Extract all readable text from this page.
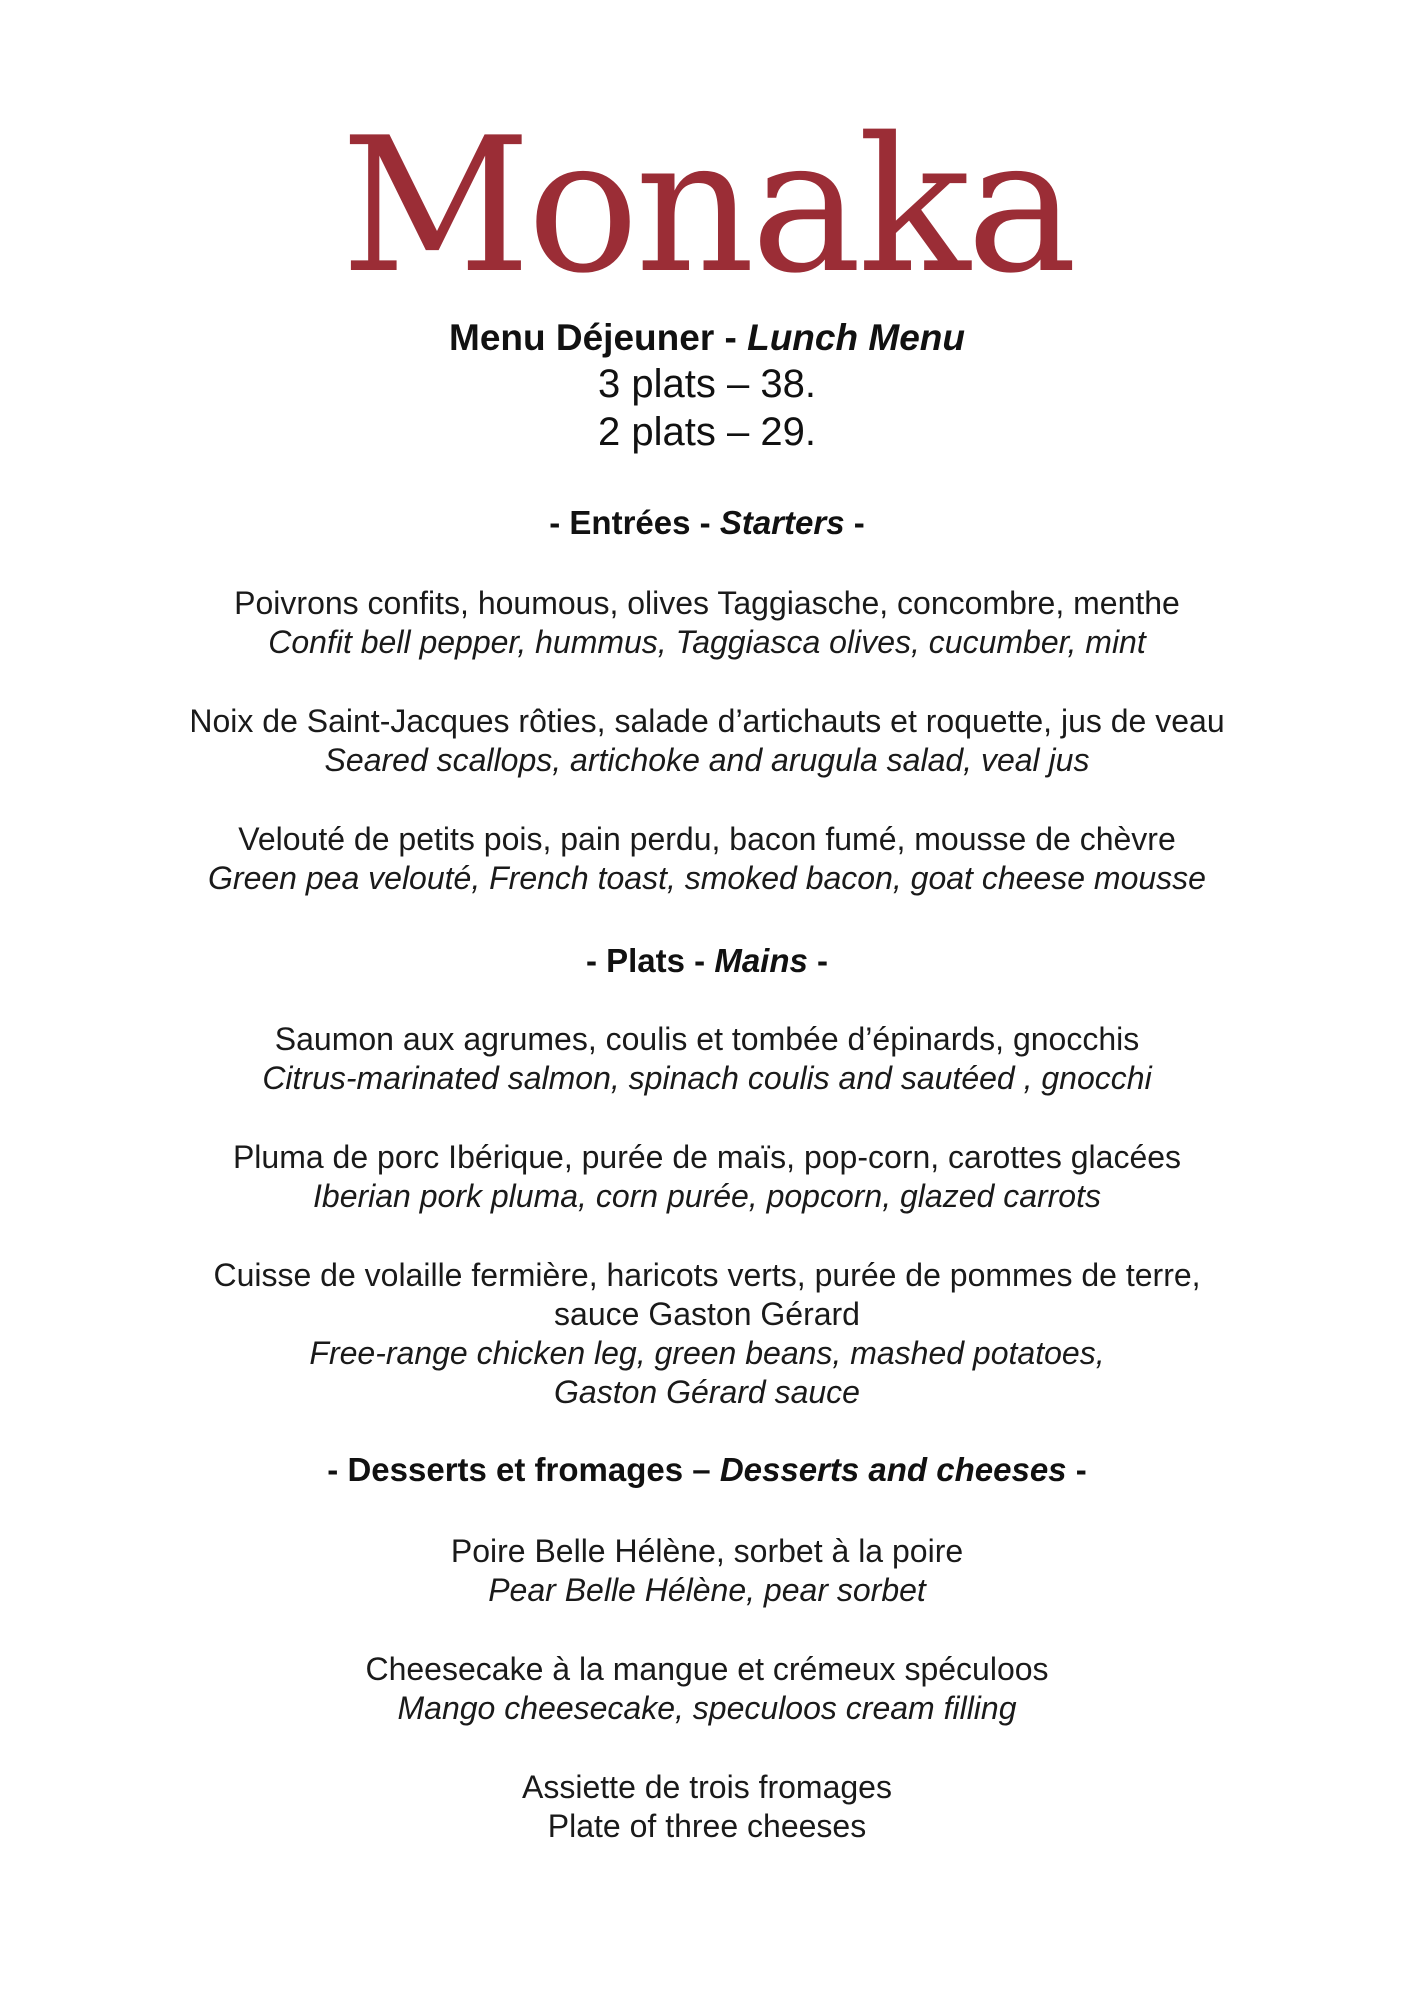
Monaka
Menu Déjeuner - Lunch Menu
3 plats – 38.
2 plats – 29.
- Entrées - Starters -
Poivrons confits, houmous, olives Taggiasche, concombre, menthe
Confit bell pepper, hummus, Taggiasca olives, cucumber, mint
Noix de Saint-Jacques rôties, salade d’artichauts et roquette, jus de veau
Seared scallops, artichoke and arugula salad, veal jus
Velouté de petits pois, pain perdu, bacon fumé, mousse de chèvre
Green pea velouté, French toast, smoked bacon, goat cheese mousse
- Plats - Mains -
Saumon aux agrumes, coulis et tombée d’épinards, gnocchis
Citrus-marinated salmon, spinach coulis and sautéed , gnocchi
Pluma de porc Ibérique, purée de maïs, pop-corn, carottes glacées
Iberian pork pluma, corn purée, popcorn, glazed carrots
Cuisse de volaille fermière, haricots verts, purée de pommes de terre,
sauce Gaston Gérard
Free-range chicken leg, green beans, mashed potatoes,
Gaston Gérard sauce
- Desserts et fromages – Desserts and cheeses -
Poire Belle Hélène, sorbet à la poire
Pear Belle Hélène, pear sorbet
Cheesecake à la mangue et crémeux spéculoos
Mango cheesecake, speculoos cream filling
Assiette de trois fromages
Plate of three cheeses
